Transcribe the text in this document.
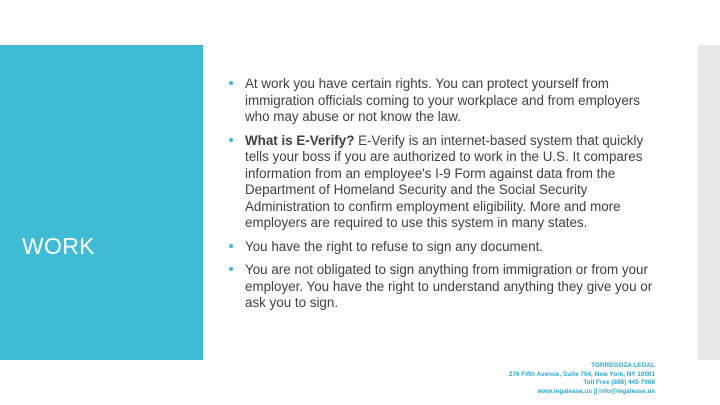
WORK

At work you have certain rights. You can protect yourself from immigration officials coming to your workplace and from employers who may abuse or not know the law.

What is E-Verify? E-Verify is an internet-based system that quickly tells your boss if you are authorized to work in the U.S. It compares information from an employee's I-9 Form against data from the Department of Homeland Security and the Social Security Administration to confirm employment eligibility. More and more employers are required to use this system in many states.

You have the right to refuse to sign any document.

You are not obligated to sign anything from immigration or from your employer. You have the right to understand anything they give you or ask you to sign.

TORREGOZA LEGAL
276 Fifth Avenue, Suite 704, New York, NY 10001
Toll Free (888) 445-7066
www.legalease.us || info@legalease.us
